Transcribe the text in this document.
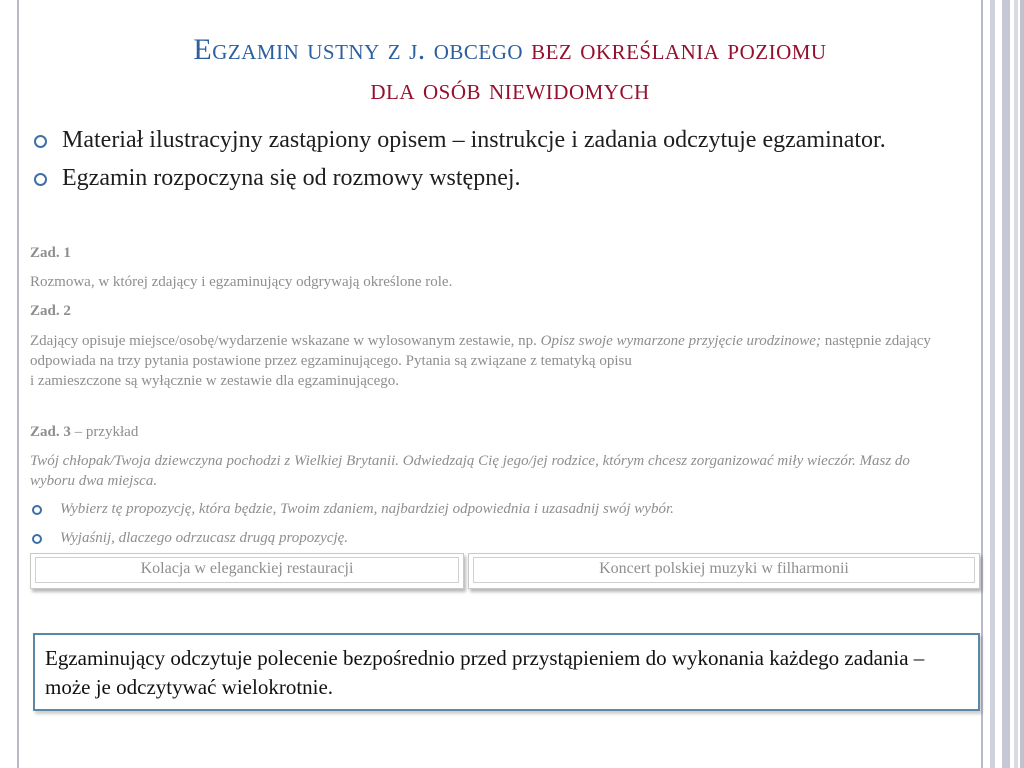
Egzamin ustny z j. obcego bez określania poziomu
dla osób niewidomych
Materiał ilustracyjny zastąpiony opisem – instrukcje i zadania odczytuje egzaminator.
Egzamin rozpoczyna się od rozmowy wstępnej.
Zad. 1
Rozmowa, w której zdający i egzaminujący odgrywają określone role.
Zad. 2
Zdający opisuje miejsce/osobę/wydarzenie wskazane w wylosowanym zestawie, np. Opisz swoje wymarzone przyjęcie urodzinowe; następnie zdający odpowiada na trzy pytania postawione przez egzaminującego. Pytania są związane z tematyką opisu
i zamieszczone są wyłącznie w zestawie dla egzaminującego.
Zad. 3 – przykład
Twój chłopak/Twoja dziewczyna pochodzi z Wielkiej Brytanii. Odwiedzają Cię jego/jej rodzice, którym chcesz zorganizować miły wieczór. Masz do wyboru dwa miejsca.
Wybierz tę propozycję, która będzie, Twoim zdaniem, najbardziej odpowiednia i uzasadnij swój wybór.
Wyjaśnij, dlaczego odrzucasz drugą propozycję.
Kolacja w eleganckiej restauracji	Koncert polskiej muzyki w filharmonii
Egzaminujący odczytuje polecenie bezpośrednio przed przystąpieniem do wykonania każdego zadania – może je odczytywać wielokrotnie.
